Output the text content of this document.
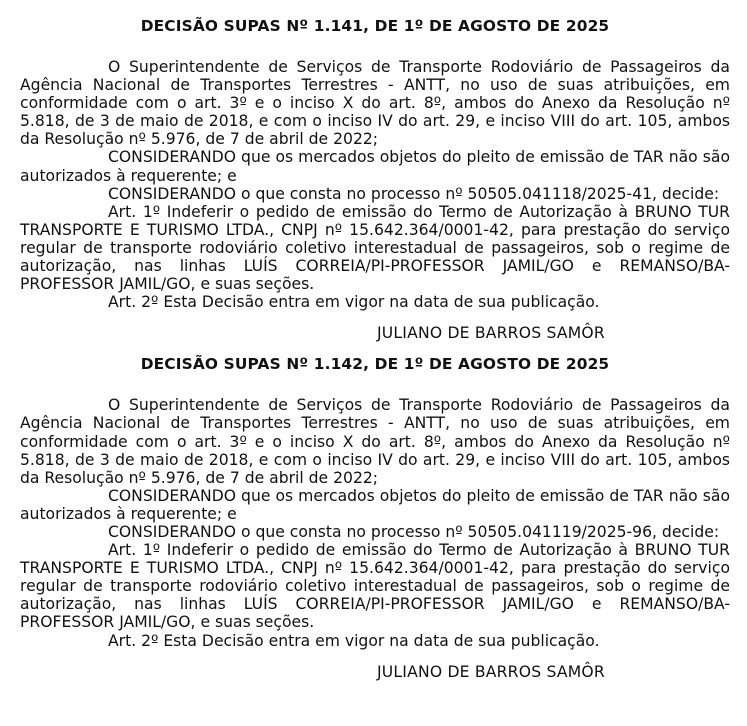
DECISÃO SUPAS Nº 1.141, DE 1º DE AGOSTO DE 2025

O Superintendente de Serviços de Transporte Rodoviário de Passageiros da Agência Nacional de Transportes Terrestres - ANTT, no uso de suas atribuições, em conformidade com o art. 3º e o inciso X do art. 8º, ambos do Anexo da Resolução nº 5.818, de 3 de maio de 2018, e com o inciso IV do art. 29, e inciso VIII do art. 105, ambos da Resolução nº 5.976, de 7 de abril de 2022;

CONSIDERANDO que os mercados objetos do pleito de emissão de TAR não são autorizados à requerente; e

CONSIDERANDO o que consta no processo nº 50505.041118/2025-41, decide:

Art. 1º Indeferir o pedido de emissão do Termo de Autorização à BRUNO TUR TRANSPORTE E TURISMO LTDA., CNPJ nº 15.642.364/0001-42, para prestação do serviço regular de transporte rodoviário coletivo interestadual de passageiros, sob o regime de autorização, nas linhas LUÍS CORREIA/PI-PROFESSOR JAMIL/GO e REMANSO/BA-PROFESSOR JAMIL/GO, e suas seções.

Art. 2º Esta Decisão entra em vigor na data de sua publicação.

JULIANO DE BARROS SAMÔR

DECISÃO SUPAS Nº 1.142, DE 1º DE AGOSTO DE 2025

O Superintendente de Serviços de Transporte Rodoviário de Passageiros da Agência Nacional de Transportes Terrestres - ANTT, no uso de suas atribuições, em conformidade com o art. 3º e o inciso X do art. 8º, ambos do Anexo da Resolução nº 5.818, de 3 de maio de 2018, e com o inciso IV do art. 29, e inciso VIII do art. 105, ambos da Resolução nº 5.976, de 7 de abril de 2022;

CONSIDERANDO que os mercados objetos do pleito de emissão de TAR não são autorizados à requerente; e

CONSIDERANDO o que consta no processo nº 50505.041119/2025-96, decide:

Art. 1º Indeferir o pedido de emissão do Termo de Autorização à BRUNO TUR TRANSPORTE E TURISMO LTDA., CNPJ nº 15.642.364/0001-42, para prestação do serviço regular de transporte rodoviário coletivo interestadual de passageiros, sob o regime de autorização, nas linhas LUÍS CORREIA/PI-PROFESSOR JAMIL/GO e REMANSO/BA-PROFESSOR JAMIL/GO, e suas seções.

Art. 2º Esta Decisão entra em vigor na data de sua publicação.

JULIANO DE BARROS SAMÔR
